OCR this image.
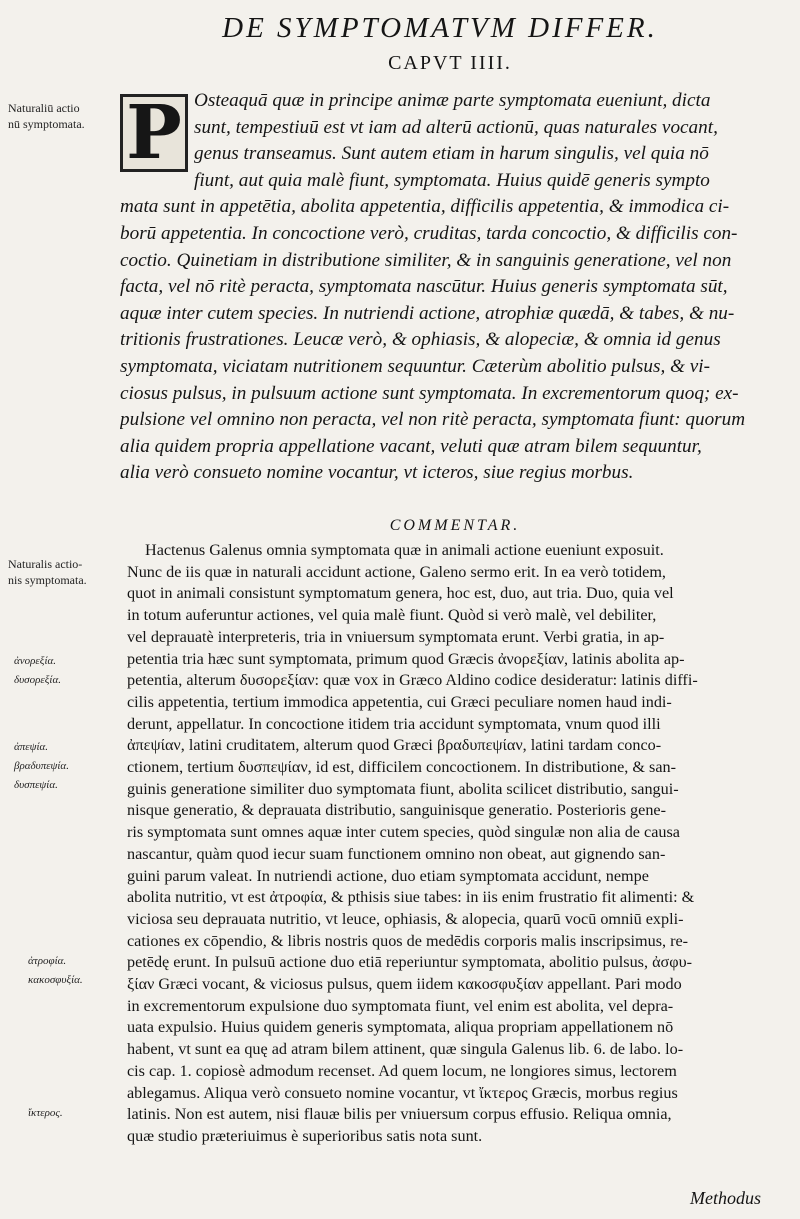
DE SYMPTOMATVM DIFFER.
CAPVT IIII.
Naturaliū actio
nū symptomata.
Naturalis actio-
nis symptomata.
ἀνορεξία.
δυσορεξία.
ἀπεψία.
βραδυπεψία.
δυσπεψία.
ἀτροφία.
κακοσφυξία.
ἴκτερος.
P Osteaquā quæ in principe animæ parte symptomata eueniunt, dicta
sunt, tempestiuū est vt iam ad alterū actionū, quas naturales vocant,
genus transeamus. Sunt autem etiam in harum singulis, vel quia nō
fiunt, aut quia malè fiunt, symptomata. Huius quidē generis sympto
mata sunt in appetētia, abolita appetentia, difficilis appetentia, & immodica ci-
borū appetentia. In concoctione verò, cruditas, tarda concoctio, & difficilis con-
coctio. Quinetiam in distributione similiter, & in sanguinis generatione, vel non
facta, vel nō ritè peracta, symptomata nascūtur. Huius generis symptomata sūt,
aquæ inter cutem species. In nutriendi actione, atrophiæ quædā, & tabes, & nu-
tritionis frustrationes. Leucæ verò, & ophiasis, & alopeciæ, & omnia id genus
symptomata, viciatam nutritionem sequuntur. Cæterùm abolitio pulsus, & vi-
ciosus pulsus, in pulsuum actione sunt symptomata. In excrementorum quoq; ex-
pulsione vel omnino non peracta, vel non ritè peracta, symptomata fiunt: quorum
alia quidem propria appellatione vacant, veluti quæ atram bilem sequuntur,
alia verò consueto nomine vocantur, vt icteros, siue regius morbus.
COMMENTAR.
Hactenus Galenus omnia symptomata quæ in animali actione eueniunt exposuit.
Nunc de iis quæ in naturali accidunt actione, Galeno sermo erit. In ea verò totidem,
quot in animali consistunt symptomatum genera, hoc est, duo, aut tria. Duo, quia vel
in totum auferuntur actiones, vel quia malè fiunt. Quòd si verò malè, vel debiliter,
vel deprauatè interpreteris, tria in vniuersum symptomata erunt. Verbi gratia, in ap-
petentia tria hæc sunt symptomata, primum quod Græcis ἀνορεξίαν, latinis abolita ap-
petentia, alterum δυσορεξίαν: quæ vox in Græco Aldino codice desideratur: latinis diffi-
cilis appetentia, tertium immodica appetentia, cui Græci peculiare nomen haud indi-
derunt, appellatur. In concoctione itidem tria accidunt symptomata, vnum quod illi
ἀπεψίαν, latini cruditatem, alterum quod Græci βραδυπεψίαν, latini tardam conco-
ctionem, tertium δυσπεψίαν, id est, difficilem concoctionem. In distributione, & san-
guinis generatione similiter duo symptomata fiunt, abolita scilicet distributio, sangui-
nisque generatio, & deprauata distributio, sanguinisque generatio. Posterioris gene-
ris symptomata sunt omnes aquæ inter cutem species, quòd singulæ non alia de causa
nascantur, quàm quod iecur suam functionem omnino non obeat, aut gignendo san-
guini parum valeat. In nutriendi actione, duo etiam symptomata accidunt, nempe
abolita nutritio, vt est ἀτροφία, & pthisis siue tabes: in iis enim frustratio fit alimenti: &
viciosa seu deprauata nutritio, vt leuce, ophiasis, & alopecia, quarū vocū omniū expli-
cationes ex cōpendio, & libris nostris quos de medēdis corporis malis inscripsimus, re-
petēdę erunt. In pulsuū actione duo etiā reperiuntur symptomata, abolitio pulsus, ἀσφυ-
ξίαν Græci vocant, & viciosus pulsus, quem iidem κακοσφυξίαν appellant. Pari modo
in excrementorum expulsione duo symptomata fiunt, vel enim est abolita, vel depra-
uata expulsio. Huius quidem generis symptomata, aliqua propriam appellationem nō
habent, vt sunt ea quę ad atram bilem attinent, quæ singula Galenus lib. 6. de labo. lo-
cis cap. 1. copiosè admodum recenset. Ad quem locum, ne longiores simus, lectorem
ablegamus. Aliqua verò consueto nomine vocantur, vt ἴκτερος Græcis, morbus regius
latinis. Non est autem, nisi flauæ bilis per vniuersum corpus effusio. Reliqua omnia,
quæ studio præteriuimus è superioribus satis nota sunt.
Methodus
